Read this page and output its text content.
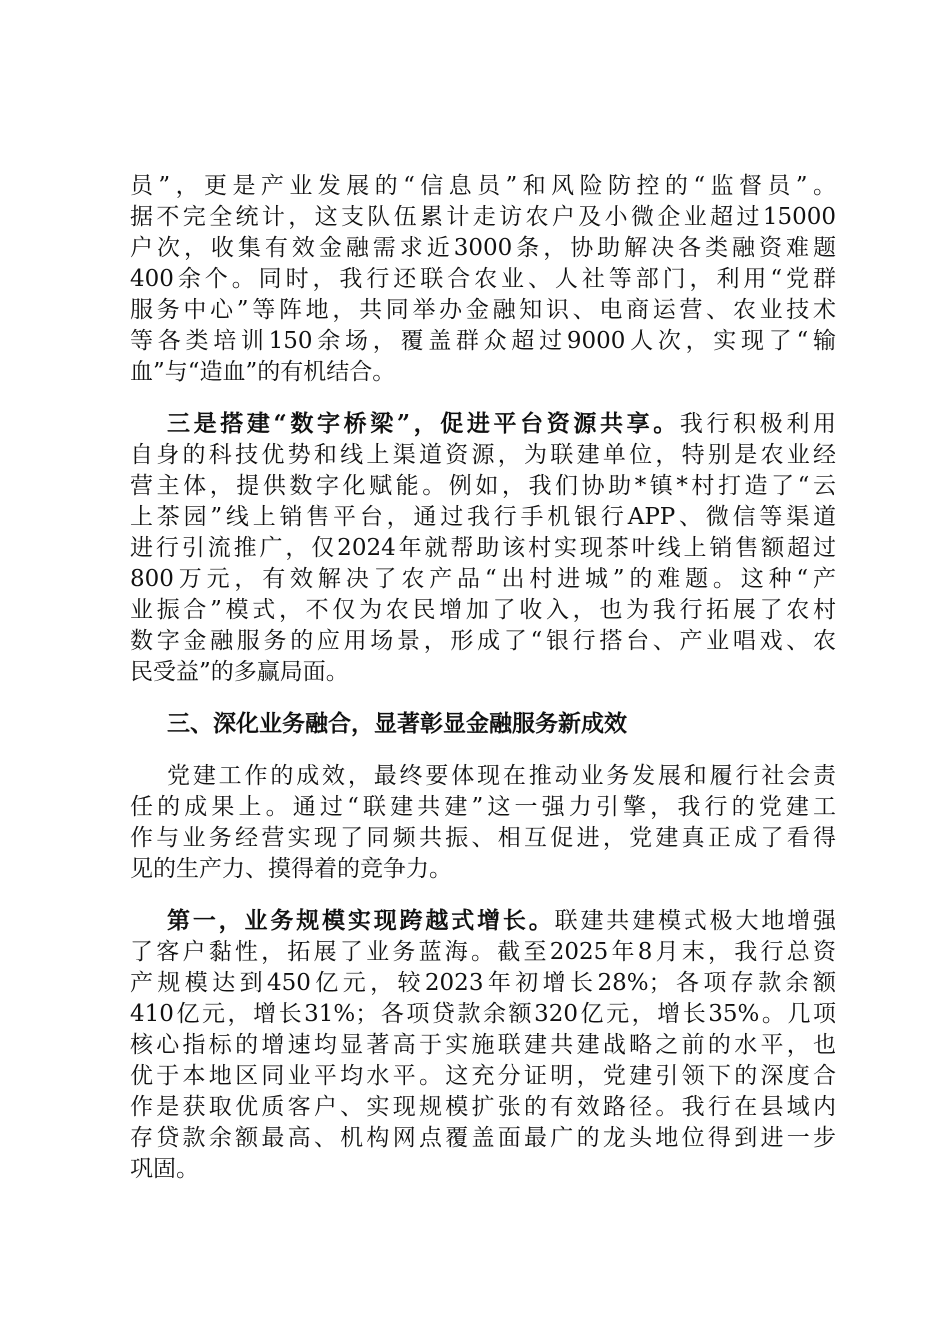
员”，更是产业发展的“信息员”和风险防控的“监督员”。
据不完全统计，这支队伍累计走访农户及小微企业超过15000
户次，收集有效金融需求近3000条，协助解决各类融资难题
400余个。同时，我行还联合农业、人社等部门，利用“党群
服务中心”等阵地，共同举办金融知识、电商运营、农业技术
等各类培训150余场，覆盖群众超过9000人次，实现了“输
血”与“造血”的有机结合。
三是搭建“数字桥梁”，促进平台资源共享。我行积极利用
自身的科技优势和线上渠道资源，为联建单位，特别是农业经
营主体，提供数字化赋能。例如，我们协助*镇*村打造了“云
上茶园”线上销售平台，通过我行手机银行APP、微信等渠道
进行引流推广，仅2024年就帮助该村实现茶叶线上销售额超过
800万元，有效解决了农产品“出村进城”的难题。这种“产
业振合”模式，不仅为农民增加了收入，也为我行拓展了农村
数字金融服务的应用场景，形成了“银行搭台、产业唱戏、农
民受益”的多赢局面。
三、深化业务融合，显著彰显金融服务新成效
党建工作的成效，最终要体现在推动业务发展和履行社会责
任的成果上。通过“联建共建”这一强力引擎，我行的党建工
作与业务经营实现了同频共振、相互促进，党建真正成了看得
见的生产力、摸得着的竞争力。
第一，业务规模实现跨越式增长。联建共建模式极大地增强
了客户黏性，拓展了业务蓝海。截至2025年8月末，我行总资
产规模达到450亿元，较2023年初增长28%；各项存款余额
410亿元，增长31%；各项贷款余额320亿元，增长35%。几项
核心指标的增速均显著高于实施联建共建战略之前的水平，也
优于本地区同业平均水平。这充分证明，党建引领下的深度合
作是获取优质客户、实现规模扩张的有效路径。我行在县域内
存贷款余额最高、机构网点覆盖面最广的龙头地位得到进一步
巩固。
